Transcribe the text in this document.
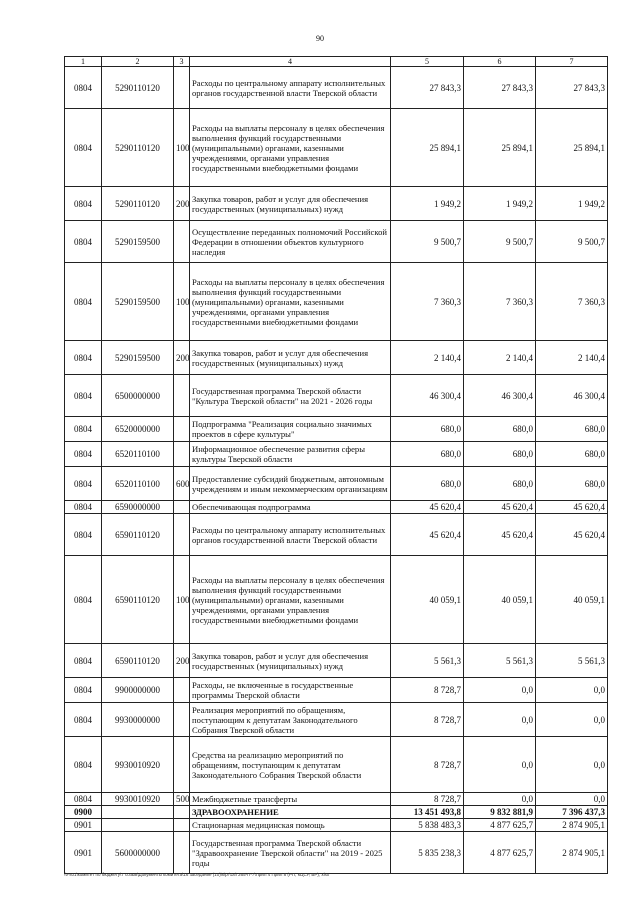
90
1	2	3	4	5	6	7
0804	5290110120		Расходы по центральному аппарату исполнительных органов государственной власти Тверской области	27 843,3	27 843,3	27 843,3
0804	5290110120	100	Расходы на выплаты персоналу в целях обеспечения выполнения функций государственными (муниципальными) органами, казенными учреждениями, органами управления государственными внебюджетными фондами	25 894,1	25 894,1	25 894,1
0804	5290110120	200	Закупка товаров, работ и услуг для обеспечения государственных (муниципальных) нужд	1 949,2	1 949,2	1 949,2
0804	5290159500		Осуществление переданных полномочий Российской Федерации в отношении объектов культурного наследия	9 500,7	9 500,7	9 500,7
0804	5290159500	100	Расходы на выплаты персоналу в целях обеспечения выполнения функций государственными (муниципальными) органами, казенными учреждениями, органами управления государственными внебюджетными фондами	7 360,3	7 360,3	7 360,3
0804	5290159500	200	Закупка товаров, работ и услуг для обеспечения государственных (муниципальных) нужд	2 140,4	2 140,4	2 140,4
0804	6500000000		Государственная программа Тверской области "Культура Тверской области" на 2021 - 2026 годы	46 300,4	46 300,4	46 300,4
0804	6520000000		Подпрограмма "Реализация социально значимых проектов в сфере культуры"	680,0	680,0	680,0
0804	6520110100		Информационное обеспечение развития сферы культуры Тверской области	680,0	680,0	680,0
0804	6520110100	600	Предоставление субсидий бюджетным, автономным учреждениям и иным некоммерческим организациям	680,0	680,0	680,0
0804	6590000000		Обеспечивающая подпрограмма	45 620,4	45 620,4	45 620,4
0804	6590110120		Расходы по центральному аппарату исполнительных органов государственной власти Тверской области	45 620,4	45 620,4	45 620,4
0804	6590110120	100	Расходы на выплаты персоналу в целях обеспечения выполнения функций государственными (муниципальными) органами, казенными учреждениями, органами управления государственными внебюджетными фондами	40 059,1	40 059,1	40 059,1
0804	6590110120	200	Закупка товаров, работ и услуг для обеспечения государственных (муниципальных) нужд	5 561,3	5 561,3	5 561,3
0804	9900000000		Расходы, не включенные в государственные программы Тверской области	8 728,7	0,0	0,0
0804	9930000000		Реализация мероприятий по обращениям, поступающим к депутатам Законодательного Собрания Тверской области	8 728,7	0,0	0,0
0804	9930010920		Средства на реализацию мероприятий по обращениям, поступающим к депутатам Законодательного Собрания Тверской области	8 728,7	0,0	0,0
0804	9930010920	500	Межбюджетные трансферты	8 728,7	0,0	0,0
0900			ЗДРАВООХРАНЕНИЕ	13 451 493,8	9 832 881,9	7 396 437,3
0901			Стационарная медицинская помощь	5 838 483,3	4 877 625,7	2 874 905,1
0901	5600000000		Государственная программа Тверской области "Здравоохранение Тверской области" на 2019 - 2025 годы	5 835 238,3	4 877 625,7	2 874 905,1
\\Fs01\комитет по бюджету\7 созыв\Документы комитета\16 заседание (10)\к\рг\16\ 265-П-7\Прил 4 Прил 8 (РП, КЦСР, ВР), xlsx
